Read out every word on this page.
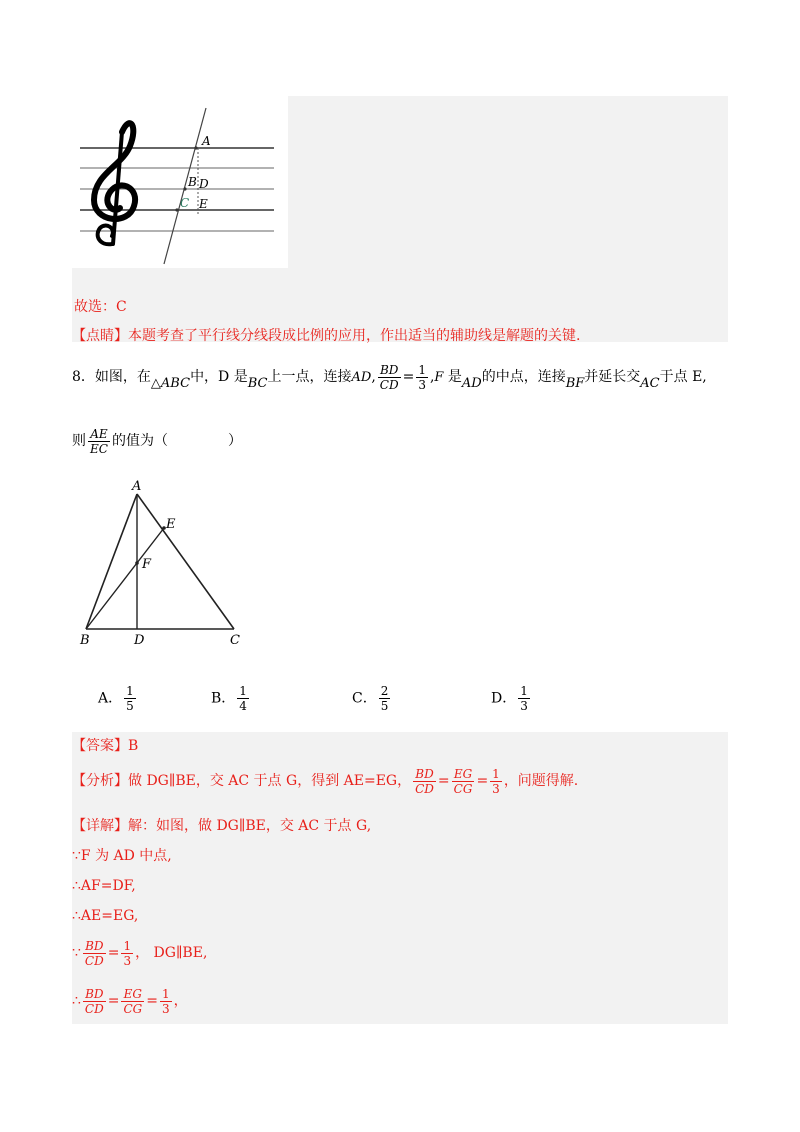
A
B D
C E
故选：C
【点睛】本题考查了平行线分线段成比例的应用，作出适当的辅助线是解题的关键.
8．如图，在△ABC中，D 是BC上一点，连接AD, $\frac{BD}{CD} = \frac{1}{3} ,F$ 是AD的中点，连接BF并延长交AC于点 E,
则 $\frac{AE}{EC}$ 的值为（	）
A
E
F
B	D	C
A． $\frac{1}{5}$	B． $\frac{1}{4}$	C． $\frac{2}{5}$	D． $\frac{1}{3}$
【答案】B
【分析】做 DG∥BE，交 AC 于点 G，得到 AE=EG， $\frac{BD}{CD} = \frac{EG}{CG} = \frac{1}{3}$ ，问题得解.
【详解】解：如图，做 DG∥BE，交 AC 于点 G,
∵F 为 AD 中点,
∴AF=DF,
∴AE=EG,
∵ $\frac{BD}{CD} = \frac{1}{3}$ ， DG∥BE,
∴ $\frac{BD}{CD} = \frac{EG}{CG} = \frac{1}{3}$ ，
